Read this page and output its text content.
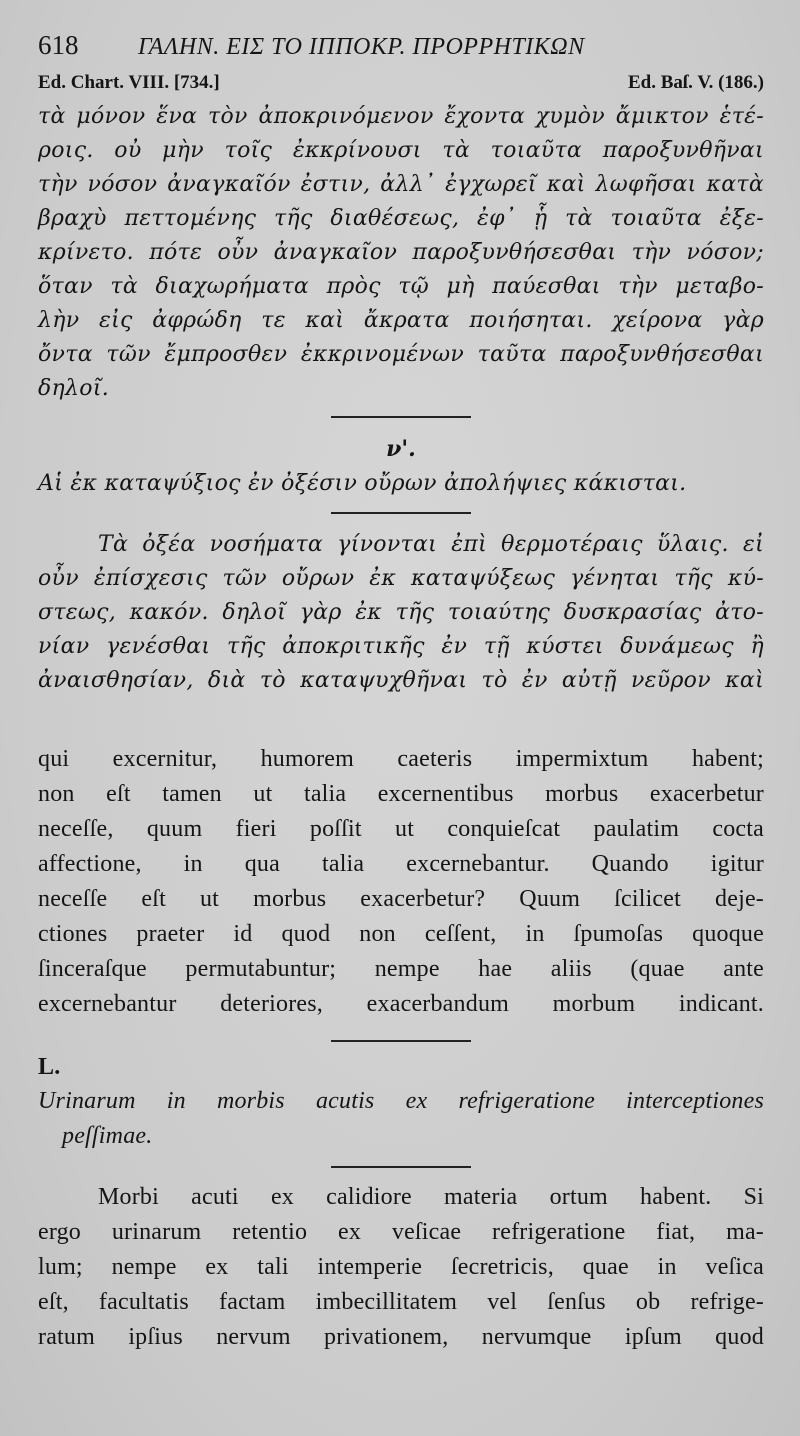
618	ΓΑΛΗΝ. ΕΙΣ ΤΟ ΙΠΠΟΚΡ. ΠΡΟΡΡΗΤΙΚΩΝ
Ed. Chart. VIII. [734.]	Ed. Baſ. V. (186.)

τὰ μόνον ἕνα τὸν ἀποκρινόμενον ἔχοντα χυμὸν ἄμικτον ἑτέ-

ροις. οὐ μὴν τοῖς ἐκκρίνουσι τὰ τοιαῦτα παροξυνθῆναι

τὴν νόσον ἀναγκαῖόν ἐστιν, ἀλλ᾽ ἐγχωρεῖ καὶ λωφῆσαι κατὰ

βραχὺ πεττομένης τῆς διαθέσεως, ἐφ᾽ ᾗ τὰ τοιαῦτα ἐξε-

κρίνετο. πότε οὖν ἀναγκαῖον παροξυνθήσεσθαι τὴν νόσον;

ὅταν τὰ διαχωρήματα πρὸς τῷ μὴ παύεσθαι τὴν μεταβο-

λὴν εἰς ἀφρώδη τε καὶ ἄκρατα ποιήσηται. χείρονα γὰρ

ὄντα τῶν ἔμπροσθεν ἐκκρινομένων ταῦτα παροξυνθήσεσθαι

δηλοῖ.

ν'.

Αἱ ἐκ καταψύξιος ἐν ὀξέσιν οὔρων ἀπολήψιες κάκισται.

Τὰ ὀξέα νοσήματα γίνονται ἐπὶ θερμοτέραις ὕλαις. εἰ

οὖν ἐπίσχεσις τῶν οὔρων ἐκ καταψύξεως γένηται τῆς κύ-

στεως, κακόν. δηλοῖ γὰρ ἐκ τῆς τοιαύτης δυσκρασίας ἀτο-

νίαν γενέσθαι τῆς ἀποκριτικῆς ἐν τῇ κύστει δυνάμεως ἢ

ἀναισθησίαν, διὰ τὸ καταψυχθῆναι τὸ ἐν αὐτῇ νεῦρον καὶ

qui excernitur, humorem caeteris impermixtum habent;

non eſt tamen ut talia excernentibus morbus exacerbetur

neceſſe, quum fieri poſſit ut conquieſcat paulatim cocta

affectione, in qua talia excernebantur. Quando igitur

neceſſe eſt ut morbus exacerbetur? Quum ſcilicet deje-

ctiones praeter id quod non ceſſent, in ſpumoſas quoque

ſinceraſque permutabuntur; nempe hae aliis (quae ante

excernebantur deteriores, exacerbandum morbum indicant.

L.

Urinarum in morbis acutis ex refrigeratione interceptiones

peſſimae.

Morbi acuti ex calidiore materia ortum habent. Si

ergo urinarum retentio ex veſicae refrigeratione fiat, ma-

lum; nempe ex tali intemperie ſecretricis, quae in veſica

eſt, facultatis factam imbecillitatem vel ſenſus ob refrige-

ratum ipſius nervum privationem, nervumque ipſum quod
